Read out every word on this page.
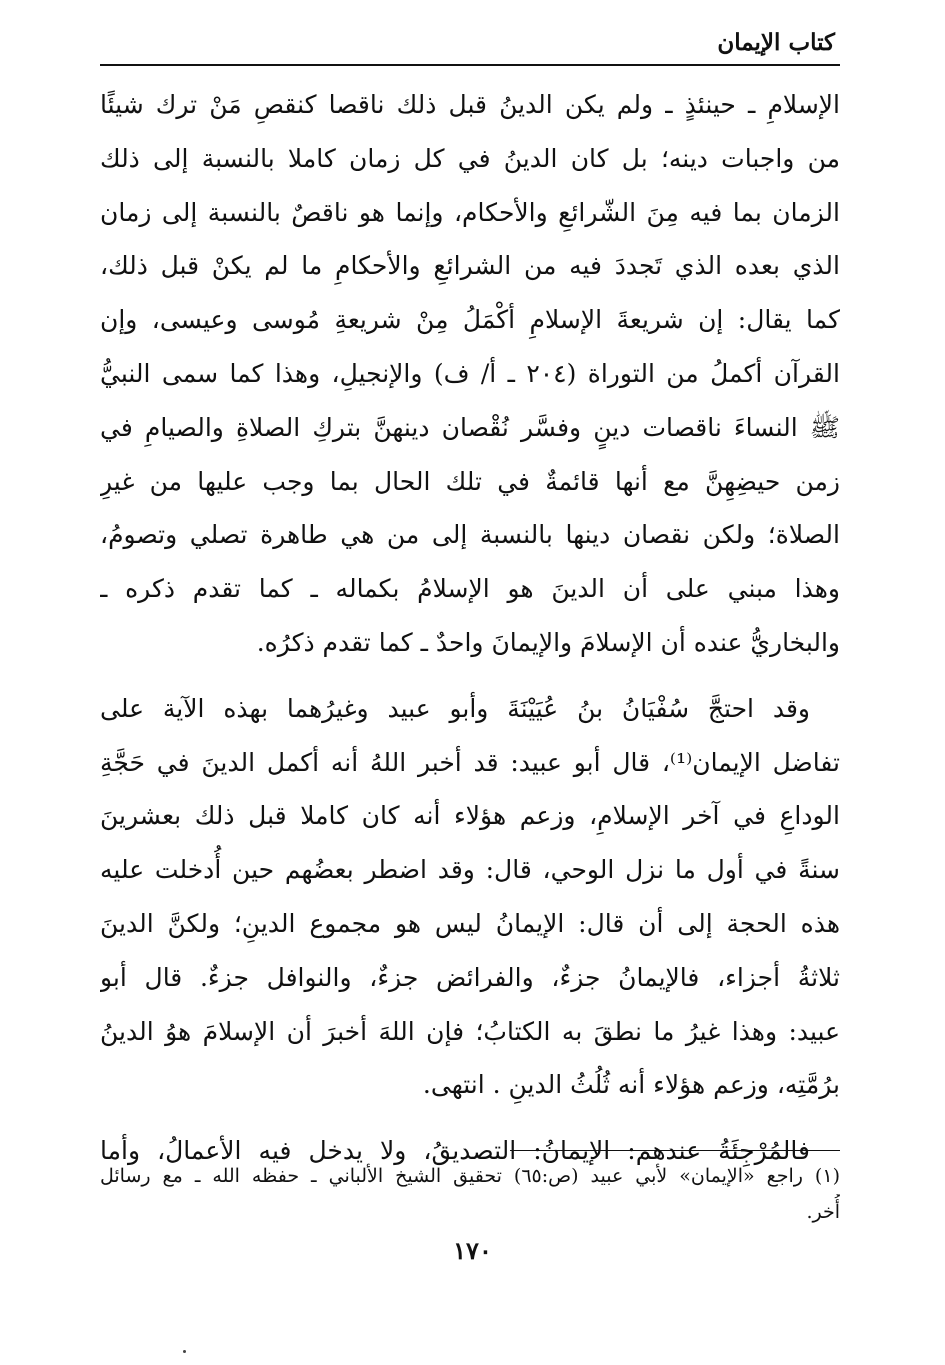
كتاب الإيمان
الإسلامِ ـ حينئذٍ ـ ولم يكن الدينُ قبل ذلك ناقصا كنقصِ مَنْ ترك شيئًا
من واجبات دينه؛ بل كان الدينُ في كل زمان كاملا بالنسبة إلى ذلك
الزمان بما فيه مِنَ الشّرائعِ والأحكام، وإنما هو ناقصٌ بالنسبة إلى زمان
الذي بعده الذي تَجددَ فيه من الشرائعِ والأحكامِ ما لم يكنْ قبل ذلك،
كما يقال: إن شريعةَ الإسلامِ أكْمَلُ مِنْ شريعةِ مُوسى وعيسى، وإن
القرآن أكملُ من التوراة (٢٠٤ ـ أ/ ف) والإنجيلِ، وهذا كما سمى النبيُّ
ﷺ النساءَ ناقصات دينٍ وفسَّر نُقْصان دينهنَّ بتركِ الصلاةِ والصيامِ في
زمن حيضِهِنَّ مع أنها قائمةٌ في تلك الحال بما وجب عليها من غيرِ
الصلاة؛ ولكن نقصان دينها بالنسبة إلى من هي طاهرة تصلي وتصومُ،
وهذا مبني على أن الدينَ هو الإسلامُ بكماله ـ كما تقدم ذكره ـ
والبخاريُّ عنده أن الإسلامَ والإيمانَ واحدٌ ـ كما تقدم ذكرُه.
وقد احتجَّ سُفْيَانُ بنُ عُيَيْنَةَ وأبو عبيد وغيرُهما بهذه الآية على
تفاضل الإيمان⁽¹⁾، قال أبو عبيد: قد أخبر اللهُ أنه أكمل الدينَ في حَجَّةِ
الوداعِ في آخر الإسلامِ، وزعم هؤلاء أنه كان كاملا قبل ذلك بعشرينَ
سنةً في أول ما نزل الوحي، قال: وقد اضطر بعضُهم حين أُدخلت عليه
هذه الحجة إلى أن قال: الإيمانُ ليس هو مجموع الدينِ؛ ولكنَّ الدينَ
ثلاثةُ أجزاء، فالإيمانُ جزءٌ، والفرائض جزءٌ، والنوافل جزءٌ. قال أبو
عبيد: وهذا غيرُ ما نطقَ به الكتابُ؛ فإن اللهَ أخبرَ أن الإسلامَ هوُ الدينُ
برُمَّتِه، وزعم هؤلاء أنه ثُلُثُ الدينِ . انتهى.
فالمُرْجِئَةُ عندهم: الإيمانُ: التصديقُ، ولا يدخل فيه الأعمالُ، وأما
(١) راجع «الإيمان» لأبي عبيد (ص:٦٥) تحقيق الشيخ الألباني ـ حفظه الله ـ مع رسائل
أُخر.
١٧٠
